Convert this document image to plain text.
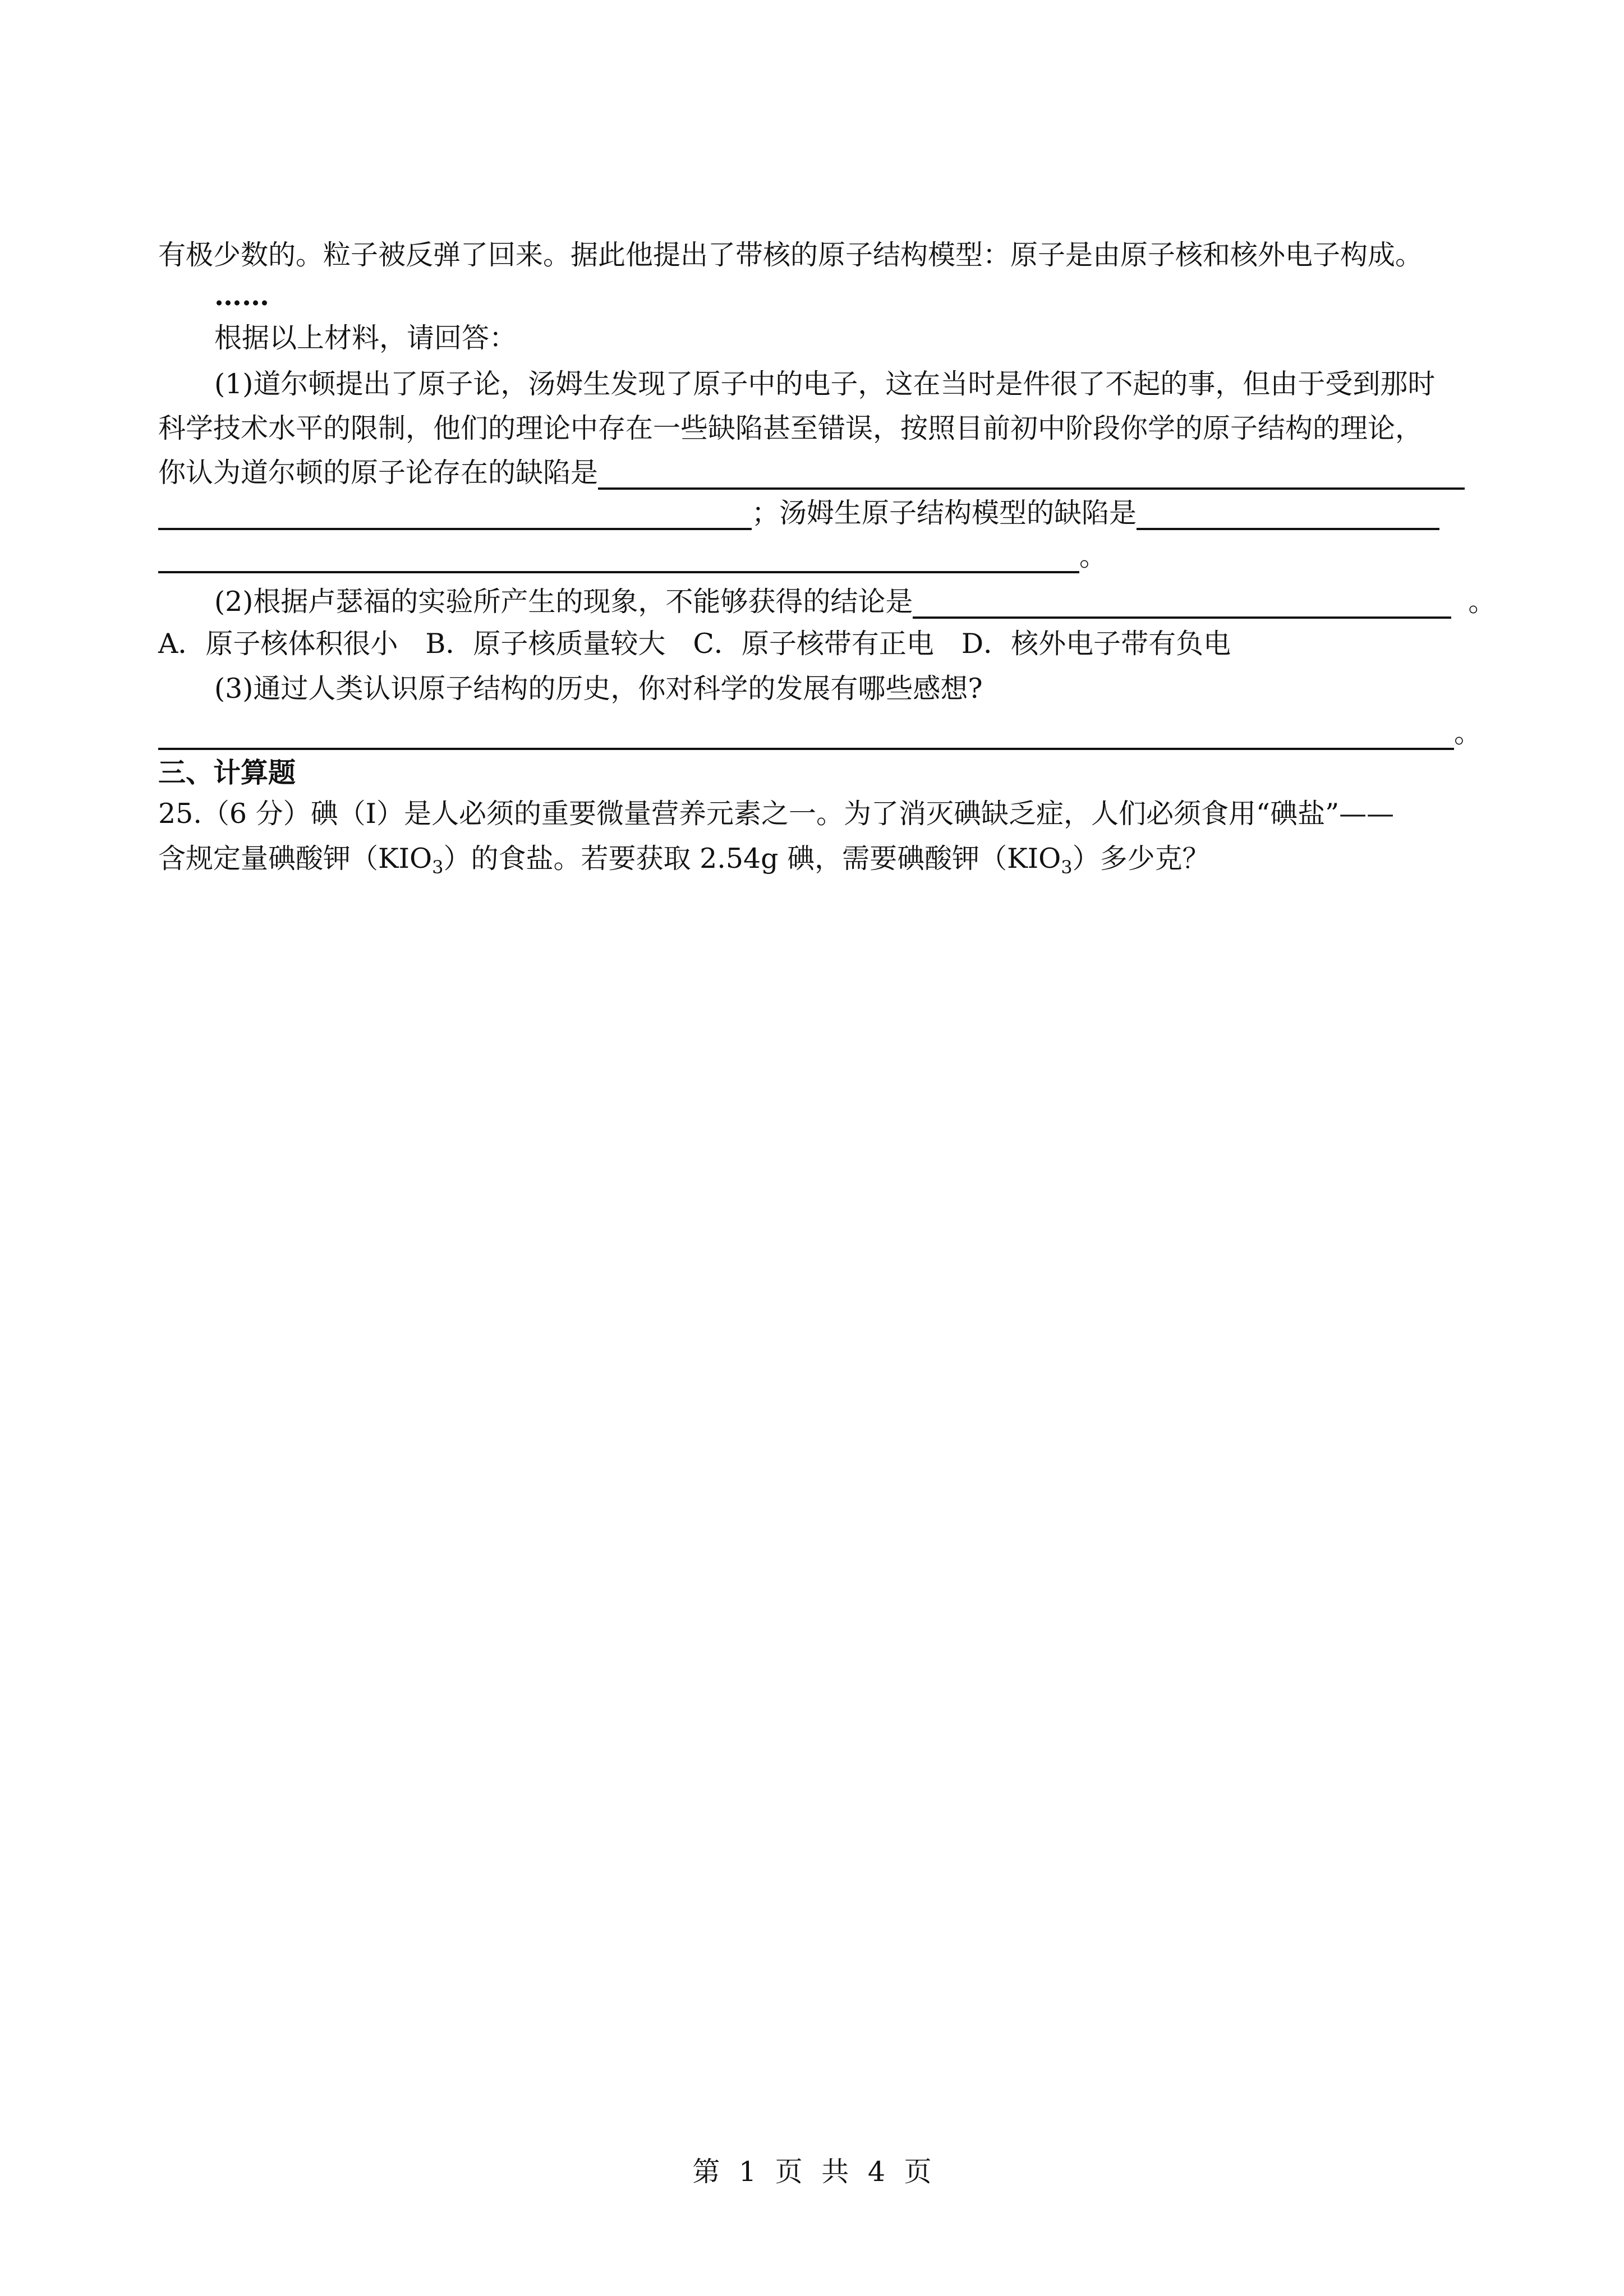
有极少数的。粒子被反弹了回来。据此他提出了带核的原子结构模型：原子是由原子核和核外电子构成。
……
根据以上材料，请回答：
(1)道尔顿提出了原子论，汤姆生发现了原子中的电子，这在当时是件很了不起的事，但由于受到那时
科学技术水平的限制，他们的理论中存在一些缺陷甚至错误，按照目前初中阶段你学的原子结构的理论，
你认为道尔顿的原子论存在的缺陷是
；汤姆生原子结构模型的缺陷是
。
(2)根据卢瑟福的实验所产生的现象，不能够获得的结论是	。
A．原子核体积很小　B．原子核质量较大　C．原子核带有正电　D．核外电子带有负电
(3)通过人类认识原子结构的历史，你对科学的发展有哪些感想?
。
三、计算题
25.（6 分）碘（I）是人必须的重要微量营养元素之一。为了消灭碘缺乏症，人们必须食用“碘盐”——
含规定量碘酸钾$(KIO_3)$的食盐。若要获取 2.54g 碘，需要碘酸钾$(KIO_3)$多少克？
第 1 页 共 4 页
